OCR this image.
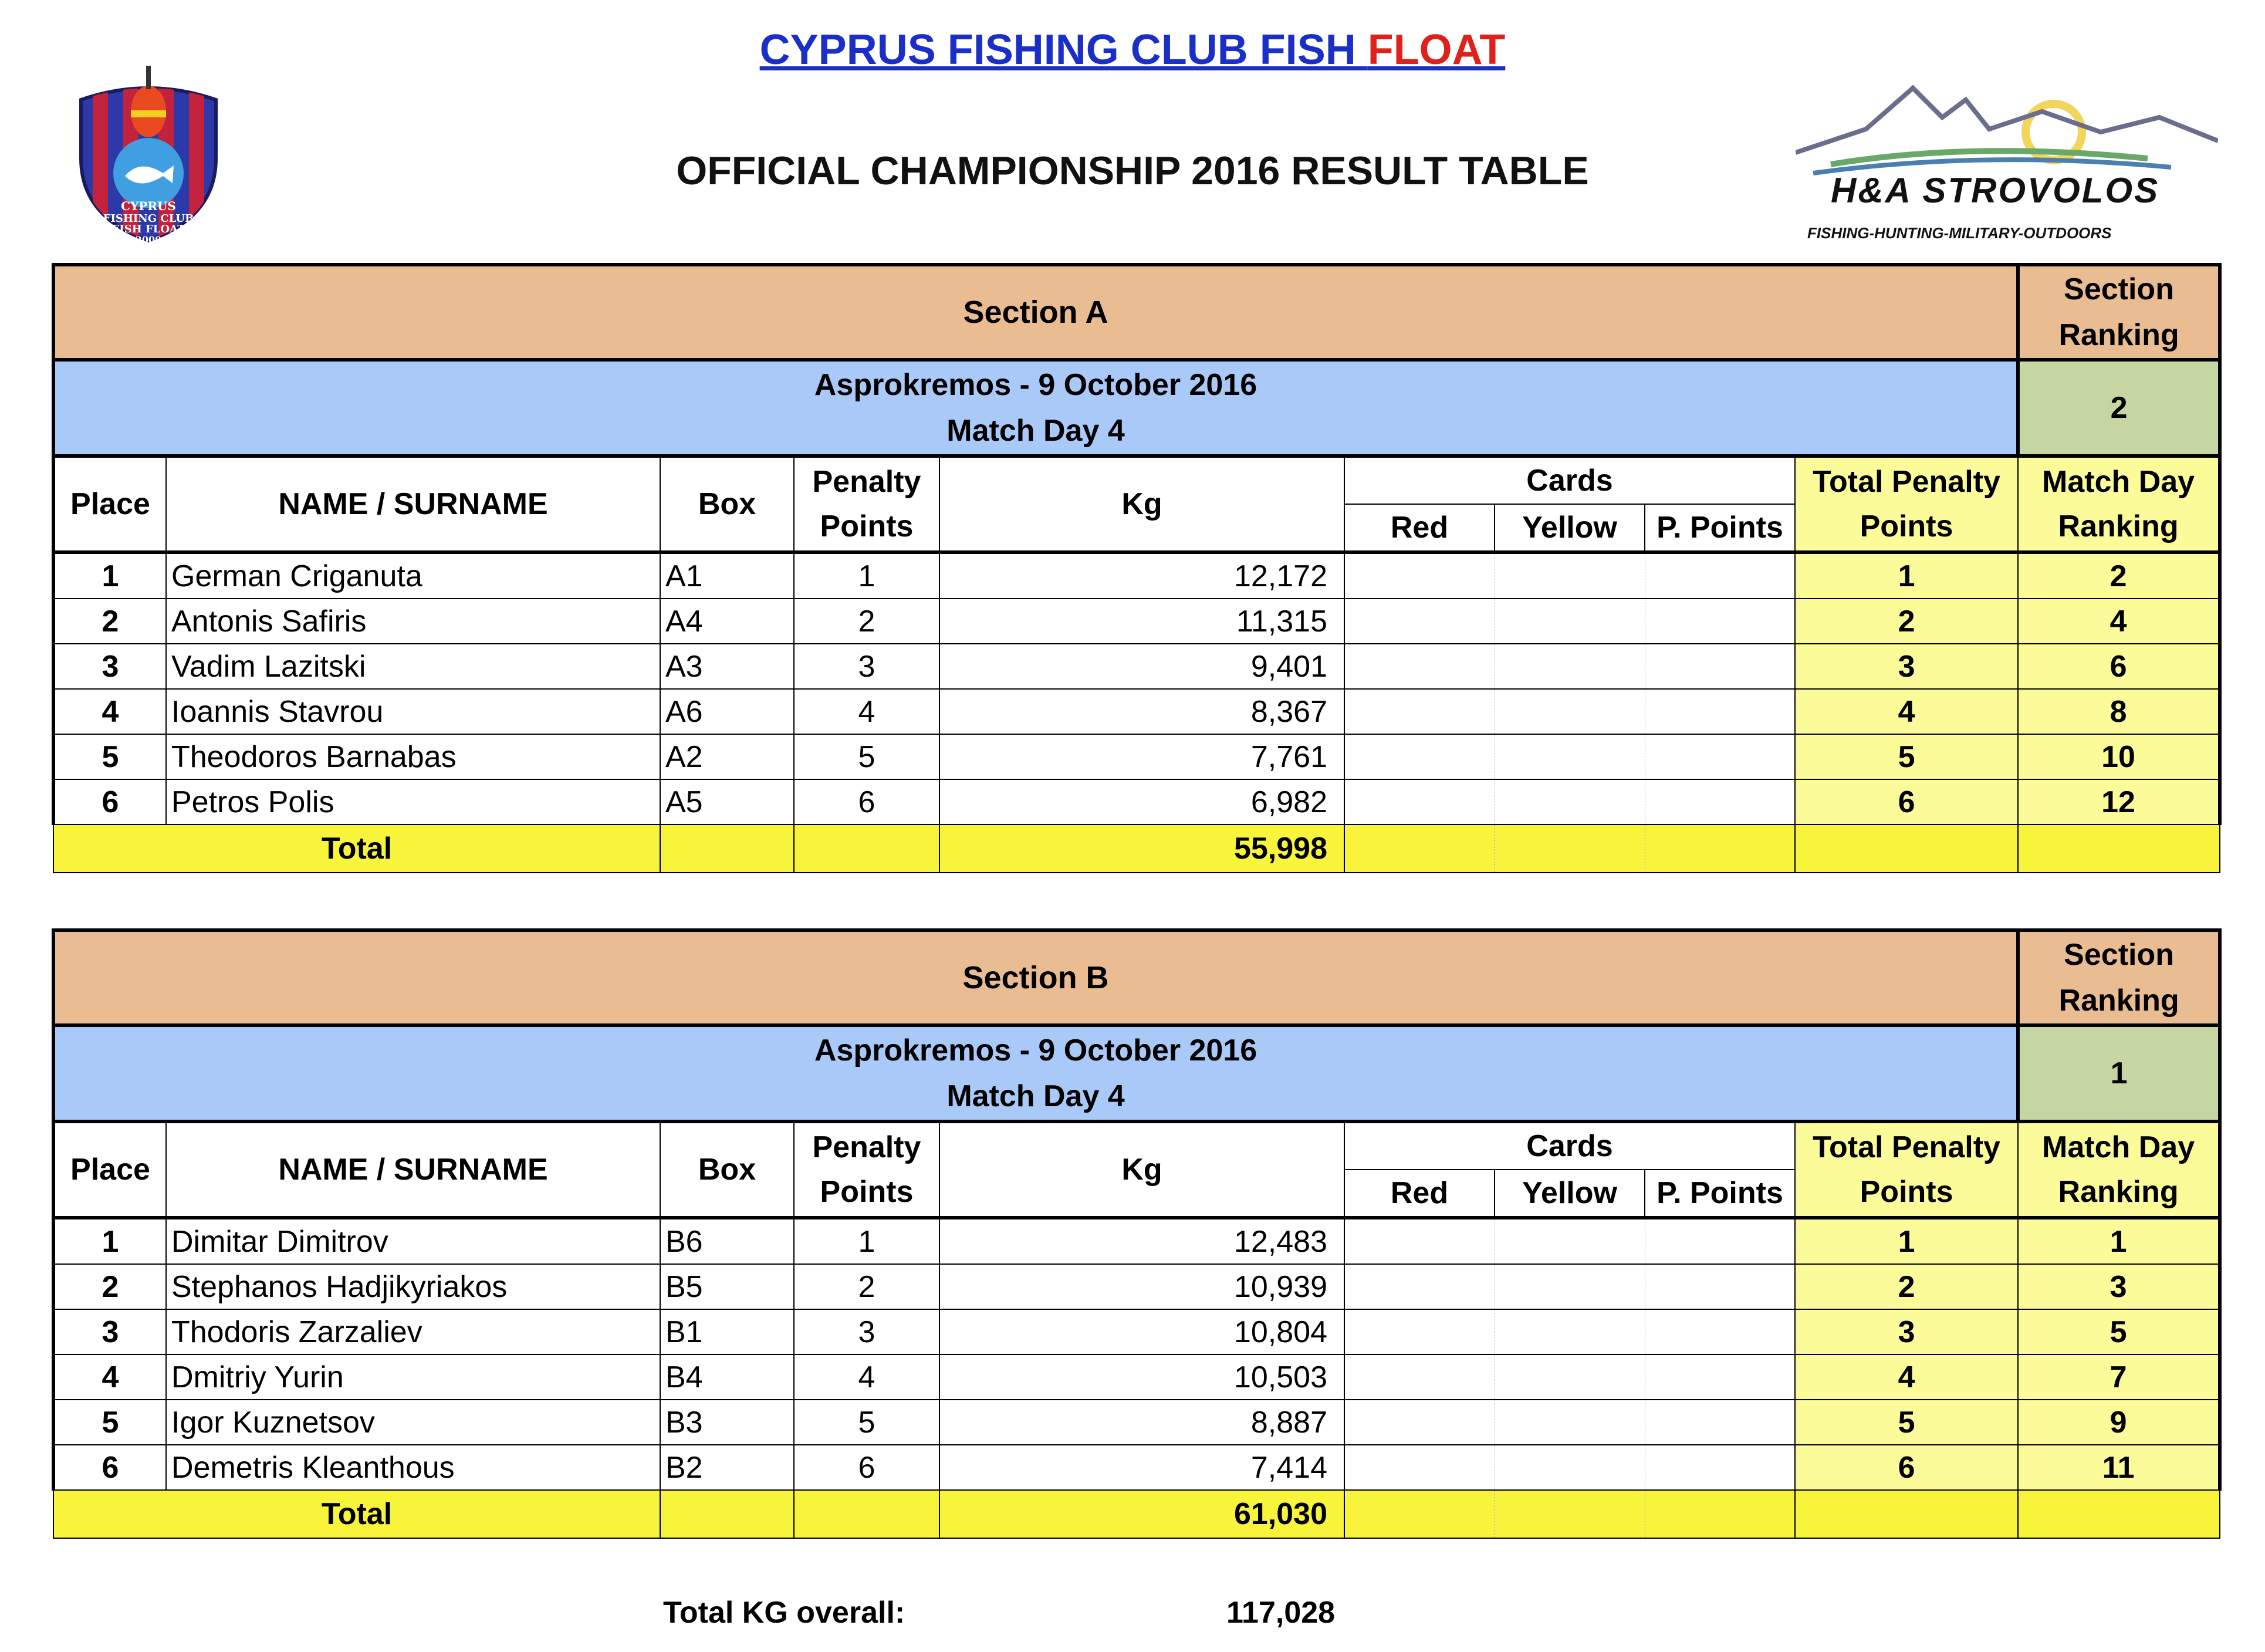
CYPRUS FISHING CLUB FISH FLOAT
OFFICIAL CHAMPIONSHIP 2016 RESULT TABLE
CYPRUS
FISHING CLUB
FISH FLOAT
2009
H&A STROVOLOS
FISHING-HUNTING-MILITARY-OUTDOORS
Section A									Section
Ranking
Asprokremos - 9 October 2016
Match Day 4									2
Place	NAME / SURNAME	Box	Penalty
Points	Kg	Cards			Total Penalty
Points	Match Day
Ranking
					Red	Yellow	P. Points		
1	German Criganuta	A1	1	12,172				1	2
2	Antonis Safiris	A4	2	11,315				2	4
3	Vadim Lazitski	A3	3	9,401				3	6
4	Ioannis Stavrou	A6	4	8,367				4	8
5	Theodoros Barnabas	A2	5	7,761				5	10
6	Petros Polis	A5	6	6,982				6	12
Total				55,998					
Section B									Section
Ranking
Asprokremos - 9 October 2016
Match Day 4									1
Place	NAME / SURNAME	Box	Penalty
Points	Kg	Cards			Total Penalty
Points	Match Day
Ranking
					Red	Yellow	P. Points		
1	Dimitar Dimitrov	B6	1	12,483				1	1
2	Stephanos Hadjikyriakos	B5	2	10,939				2	3
3	Thodoris Zarzaliev	B1	3	10,804				3	5
4	Dmitriy Yurin	B4	4	10,503				4	7
5	Igor Kuznetsov	B3	5	8,887				5	9
6	Demetris Kleanthous	B2	6	7,414				6	11
Total				61,030					
Total KG overall:	117,028
